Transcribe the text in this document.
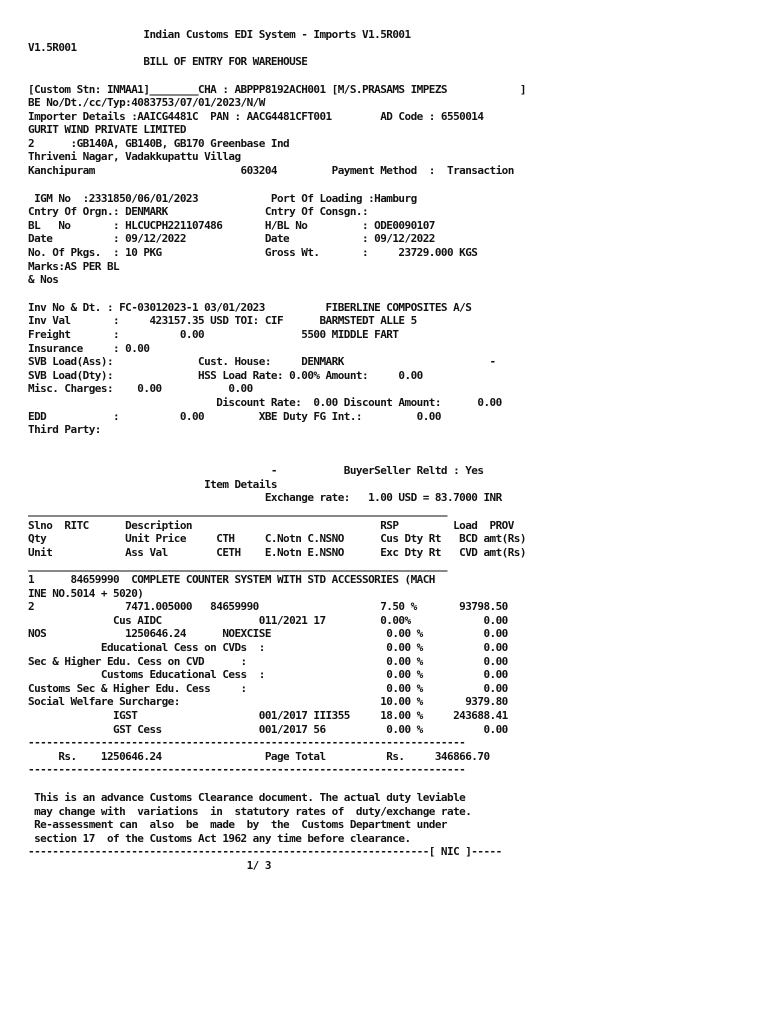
Indian Customs EDI System - Imports V1.5R001
V1.5R001
BILL OF ENTRY FOR WAREHOUSE
[Custom Stn: INMAA1]________CHA : ABPPP8192ACH001 [M/S.PRASAMS IMPEZS            ]
BE No/Dt./cc/Typ:4083753/07/01/2023/N/W
Importer Details :AAICG4481C  PAN : AACG4481CFT001        AD Code : 6550014
GURIT WIND PRIVATE LIMITED
2      :GB140A, GB140B, GB170 Greenbase Ind
Thriveni Nagar, Vadakkupattu Villag
Kanchipuram                        603204         Payment Method  :  Transaction
IGM No  :2331850/06/01/2023            Port Of Loading :Hamburg
Cntry Of Orgn.: DENMARK                Cntry Of Consgn.:
BL   No       : HLCUCPH221107486       H/BL No         : ODE0090107
Date          : 09/12/2022             Date            : 09/12/2022
No. Of Pkgs.  : 10 PKG                 Gross Wt.       :     23729.000 KGS
Marks:AS PER BL
& Nos
Inv No & Dt. : FC-03012023-1 03/01/2023          FIBERLINE COMPOSITES A/S
Inv Val       :     423157.35 USD TOI: CIF      BARMSTEDT ALLE 5
Freight       :          0.00                5500 MIDDLE FART
Insurance     : 0.00
SVB Load(Ass):              Cust. House:     DENMARK                        -
SVB Load(Dty):              HSS Load Rate: 0.00% Amount:     0.00
Misc. Charges:    0.00           0.00
Discount Rate:  0.00 Discount Amount:      0.00
EDD           :          0.00         XBE Duty FG Int.:         0.00
Third Party:
-           BuyerSeller Reltd : Yes
Item Details
Exchange rate:   1.00 USD = 83.7000 INR
_____________________________________________________________________
Slno  RITC      Description                               RSP         Load  PROV
Qty             Unit Price     CTH     C.Notn C.NSNO      Cus Dty Rt   BCD amt(Rs)
Unit            Ass Val        CETH    E.Notn E.NSNO      Exc Dty Rt   CVD amt(Rs)
_____________________________________________________________________
1      84659990  COMPLETE COUNTER SYSTEM WITH STD ACCESSORIES (MACH
INE NO.5014 + 5020)
2               7471.005000   84659990                    7.50 %       93798.50
Cus AIDC                011/2021 17         0.00%            0.00
NOS             1250646.24      NOEXCISE                   0.00 %          0.00
Educational Cess on CVDs  :                    0.00 %          0.00
Sec & Higher Edu. Cess on CVD      :                       0.00 %          0.00
Customs Educational Cess  :                    0.00 %          0.00
Customs Sec & Higher Edu. Cess     :                       0.00 %          0.00
Social Welfare Surcharge:                                 10.00 %       9379.80
IGST                    001/2017 III355     18.00 %     243688.41
GST Cess                001/2017 56          0.00 %          0.00
------------------------------------------------------------------------
Rs.    1250646.24                 Page Total          Rs.     346866.70
------------------------------------------------------------------------
This is an advance Customs Clearance document. The actual duty leviable
may change with  variations  in  statutory rates of  duty/exchange rate.
Re-assessment can  also  be  made  by  the  Customs Department under
section 17  of the Customs Act 1962 any time before clearance.
------------------------------------------------------------------[ NIC ]-----
1/ 3
